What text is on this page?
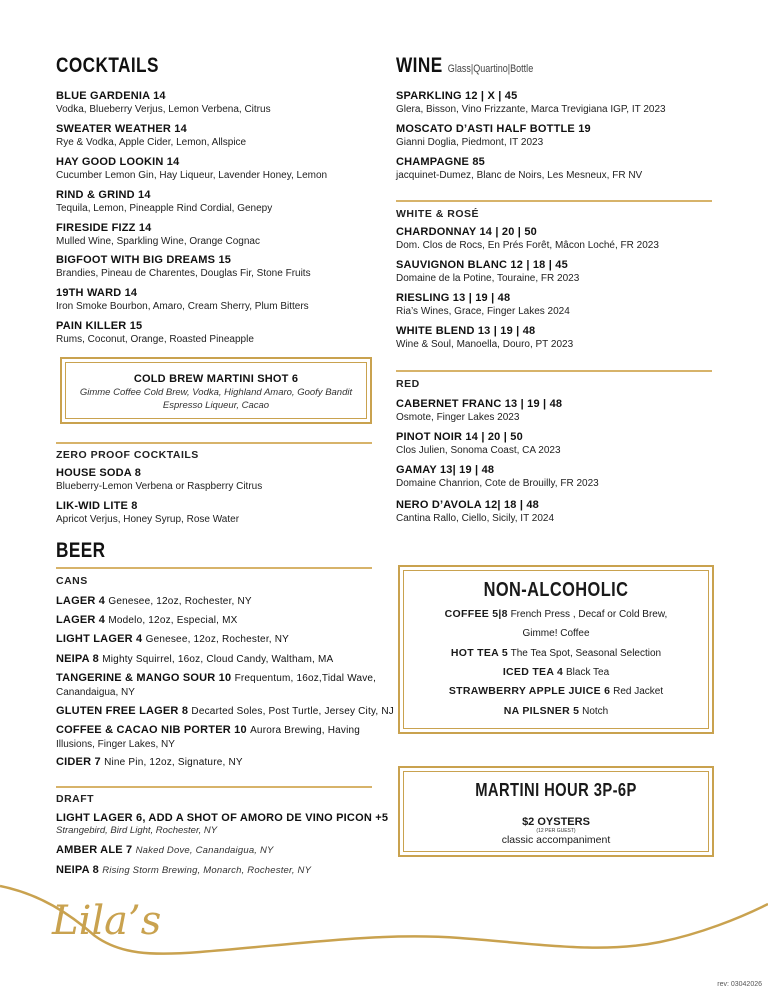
COCKTAILS
BLUE GARDENIA 14
Vodka, Blueberry Verjus, Lemon Verbena, Citrus
SWEATER WEATHER 14
Rye & Vodka, Apple Cider, Lemon, Allspice
HAY GOOD LOOKIN 14
Cucumber Lemon Gin, Hay Liqueur, Lavender Honey, Lemon
RIND & GRIND 14
Tequila, Lemon, Pineapple Rind Cordial, Genepy
FIRESIDE FIZZ 14
Mulled Wine, Sparkling Wine, Orange Cognac
BIGFOOT WITH BIG DREAMS 15
Brandies, Pineau de Charentes, Douglas Fir, Stone Fruits
19TH WARD 14
Iron Smoke Bourbon, Amaro, Cream Sherry, Plum Bitters
PAIN KILLER 15
Rums, Coconut, Orange, Roasted Pineapple
COLD BREW MARTINI SHOT 6
Gimme Coffee Cold Brew, Vodka, Highland Amaro, Goofy Bandit
Espresso Liqueur, Cacao
ZERO PROOF COCKTAILS
HOUSE SODA 8
Blueberry-Lemon Verbena or Raspberry Citrus
LIK-WID LITE 8
Apricot Verjus, Honey Syrup, Rose Water
BEER
CANS
LAGER 4 Genesee, 12oz, Rochester, NY
LAGER 4 Modelo, 12oz, Especial, MX
LIGHT LAGER 4 Genesee, 12oz, Rochester, NY
NEIPA 8 Mighty Squirrel, 16oz, Cloud Candy, Waltham, MA
TANGERINE & MANGO SOUR 10 Frequentum, 16oz,Tidal Wave,
Canandaigua, NY
GLUTEN FREE LAGER 8 Decarted Soles, Post Turtle, Jersey City, NJ
COFFEE & CACAO NIB PORTER 10 Aurora Brewing, Having
Illusions, Finger Lakes, NY
CIDER 7 Nine Pin, 12oz, Signature, NY
DRAFT
LIGHT LAGER 6, ADD A SHOT OF AMORO DE VINO PICON +5
Strangebird, Bird Light, Rochester, NY
AMBER ALE 7 Naked Dove, Canandaigua, NY
NEIPA 8 Rising Storm Brewing, Monarch, Rochester, NY
WINE Glass|Quartino|Bottle
SPARKLING 12 | X | 45
Glera, Bisson, Vino Frizzante, Marca Trevigiana IGP, IT 2023
MOSCATO D’ASTI HALF BOTTLE 19
Gianni Doglia, Piedmont, IT 2023
CHAMPAGNE 85
jacquinet-Dumez, Blanc de Noirs, Les Mesneux, FR NV
WHITE & ROSÉ
CHARDONNAY 14 | 20 | 50
Dom. Clos de Rocs, En Prés Forêt, Mâcon Loché, FR 2023
SAUVIGNON BLANC 12 | 18 | 45
Domaine de la Potine, Touraine, FR 2023
RIESLING 13 | 19 | 48
Ria’s Wines, Grace, Finger Lakes 2024
WHITE BLEND 13 | 19 | 48
Wine & Soul, Manoella, Douro, PT 2023
RED
CABERNET FRANC 13 | 19 | 48
Osmote, Finger Lakes 2023
PINOT NOIR 14 | 20 | 50
Clos Julien, Sonoma Coast, CA 2023
GAMAY 13| 19 | 48
Domaine Chanrion, Cote de Brouilly, FR 2023
NERO D’AVOLA 12| 18 | 48
Cantina Rallo, Ciello, Sicily, IT 2024
NON-ALCOHOLIC
COFFEE 5|8 French Press , Decaf or Cold Brew,
Gimme! Coffee
HOT TEA 5 The Tea Spot, Seasonal Selection
ICED TEA 4 Black Tea
STRAWBERRY APPLE JUICE 6 Red Jacket
NA PILSNER 5 Notch
MARTINI HOUR 3P-6P
$2 OYSTERS
(12 PER GUEST)
classic accompaniment
Lila’s
rev: 03042026
